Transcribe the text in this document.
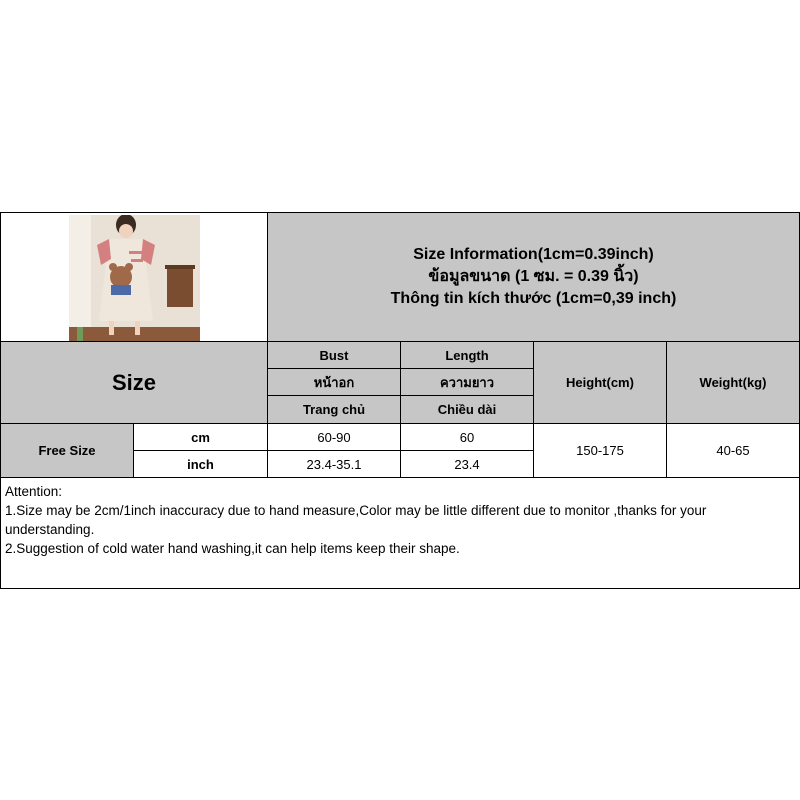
Size Information(1cm=0.39inch)
ข้อมูลขนาด (1 ซม. = 0.39 นิ้ว)
Thông tin kích thước (1cm=0,39 inch)
Size
Bust
หน้าอก
Trang chủ
Length
ความยาว
Chiều dài
Height(cm)	Weight(kg)
Free Size
cm
inch
60-90
23.4-35.1
60
23.4
150-175	40-65
Attention:
1.Size may be 2cm/1inch inaccuracy due to hand measure,Color may be little different due to monitor ,thanks for your understanding.
2.Suggestion of cold water hand washing,it can help items keep their shape.
